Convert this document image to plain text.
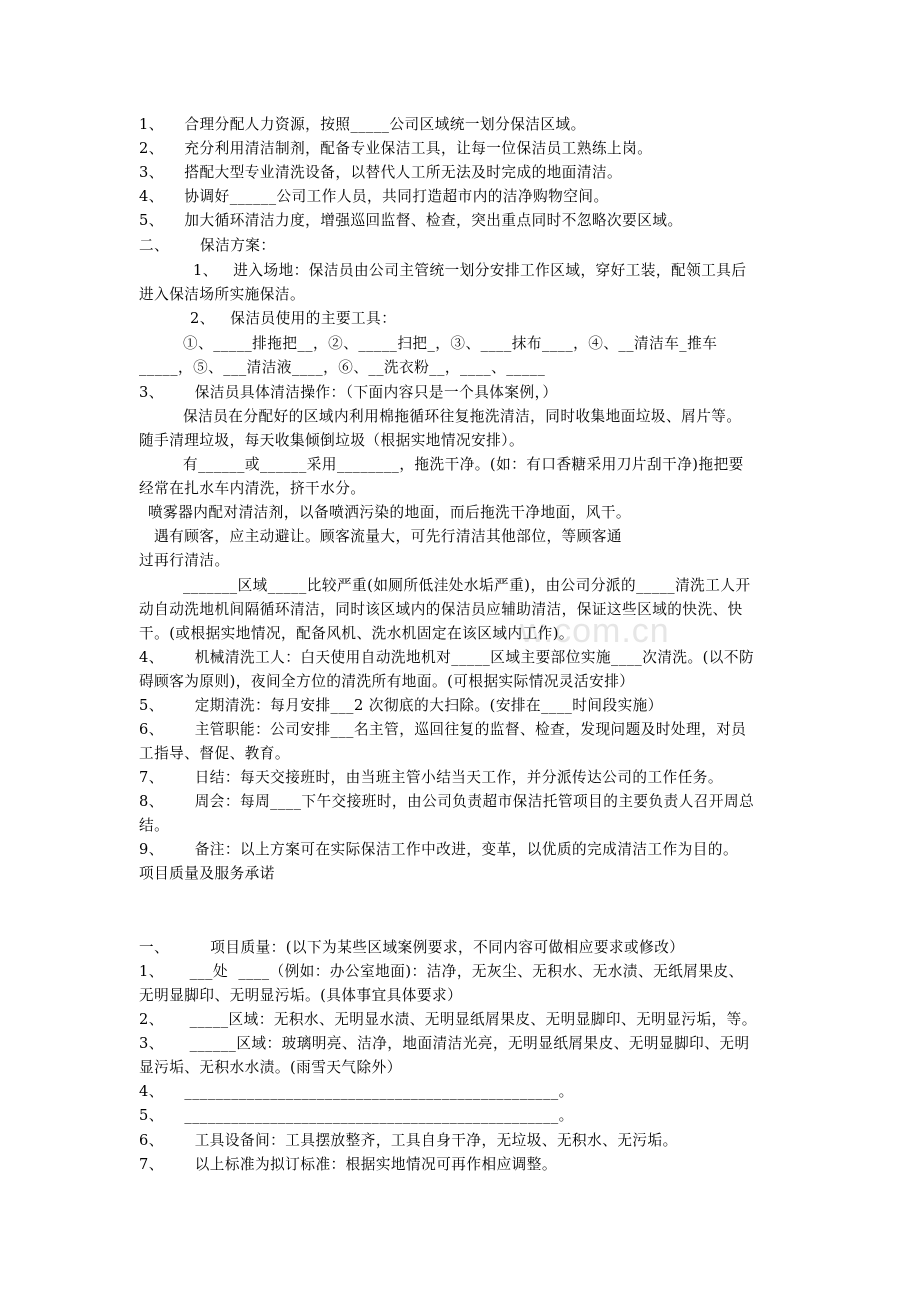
w.com.cn
1、    合理分配人力资源，按照_____公司区域统一划分保洁区域。
2、    充分利用清洁制剂，配备专业保洁工具，让每一位保洁员工熟练上岗。
3、    搭配大型专业清洗设备，以替代人工所无法及时完成的地面清洁。
4、    协调好______公司工作人员，共同打造超市内的洁净购物空间。
5、    加大循环清洁力度，增强巡回监督、检查，突出重点同时不忽略次要区域。
二、      保洁方案：
1、   进入场地：保洁员由公司主管统一划分安排工作区域，穿好工装，配领工具后
进入保洁场所实施保洁。
2、   保洁员使用的主要工具：
①、_____排拖把__，②、_____扫把_，③、____抹布____，④、__清洁车_推车
_____，⑤、___清洁液____，⑥、__洗衣粉__，____、_____
3、      保洁员具体清洁操作：（下面内容只是一个具体案例，）
保洁员在分配好的区域内利用棉拖循环往复拖洗清洁，同时收集地面垃圾、屑片等。
随手清理垃圾，每天收集倾倒垃圾（根据实地情况安排）。
有______或______采用________，拖洗干净。(如：有口香糖采用刀片刮干净)拖把要
经常在扎水车内清洗，挤干水分。
喷雾器内配对清洁剂，以备喷洒污染的地面，而后拖洗干净地面，风干。
遇有顾客，应主动避让。顾客流量大，可先行清洁其他部位，等顾客通
过再行清洁。
_______区域_____比较严重(如厕所低洼处水垢严重)，由公司分派的_____清洗工人开
动自动洗地机间隔循环清洁，同时该区域内的保洁员应辅助清洁，保证这些区域的快洗、快
干。(或根据实地情况，配备风机、洗水机固定在该区域内工作)。
4、      机械清洗工人：白天使用自动洗地机对_____区域主要部位实施____次清洗。(以不防
碍顾客为原则)，夜间全方位的清洗所有地面。(可根据实际情况灵活安排）
5、      定期清洗：每月安排___2 次彻底的大扫除。(安排在____时间段实施）
6、      主管职能：公司安排___名主管，巡回往复的监督、检查，发现问题及时处理，对员
工指导、督促、教育。
7、      日结：每天交接班时，由当班主管小结当天工作，并分派传达公司的工作任务。
8、      周会：每周____下午交接班时，由公司负责超市保洁托管项目的主要负责人召开周总
结。
9、      备注：以上方案可在实际保洁工作中改进，变革，以优质的完成清洁工作为目的。
项目质量及服务承诺
一、        项目质量：(以下为某些区域案例要求，不同内容可做相应要求或修改）
1、     ___处  ____（例如：办公室地面)：洁净，无灰尘、无积水、无水渍、无纸屑果皮、
无明显脚印、无明显污垢。(具体事宜具体要求）
2、     _____区域：无积水、无明显水渍、无明显纸屑果皮、无明显脚印、无明显污垢，等。
3、     ______区域：玻璃明亮、洁净，地面清洁光亮，无明显纸屑果皮、无明显脚印、无明
显污垢、无积水水渍。(雨雪天气除外）
4、    ________________________________________________。
5、    ________________________________________________。
6、      工具设备间：工具摆放整齐，工具自身干净，无垃圾、无积水、无污垢。
7、      以上标准为拟订标准：根据实地情况可再作相应调整。
